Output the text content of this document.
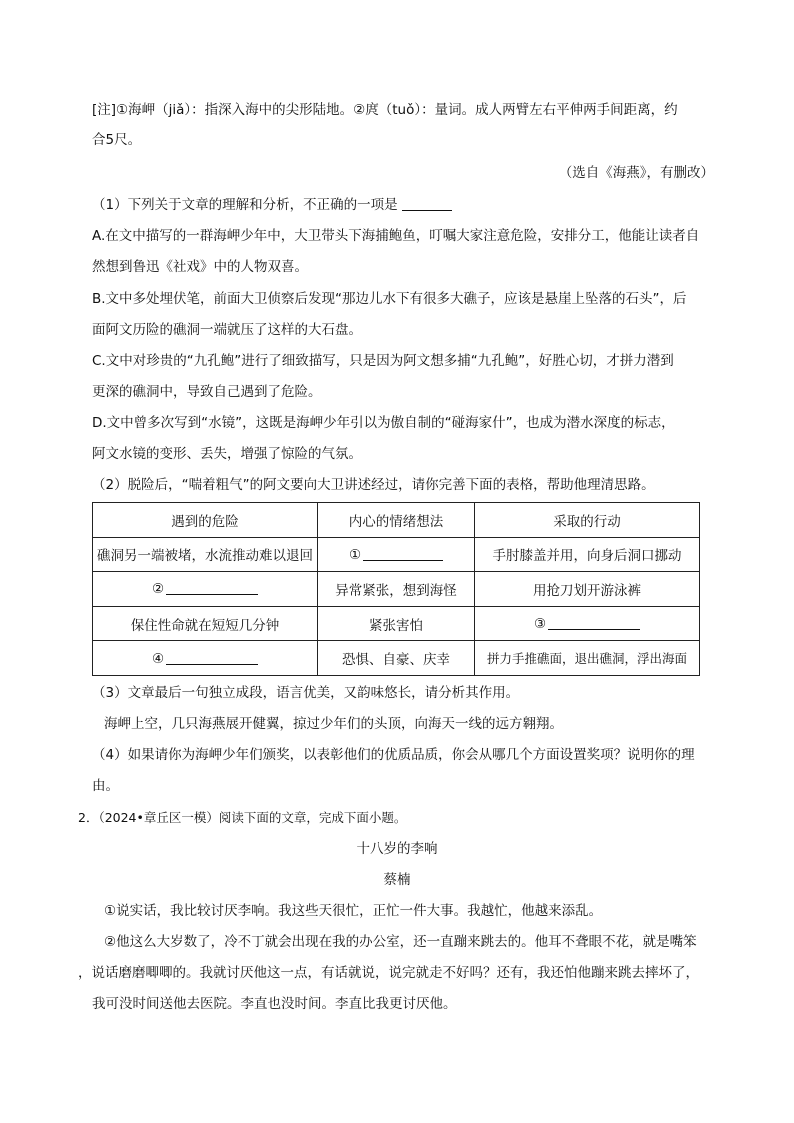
[注]①海岬（jiǎ）：指深入海中的尖形陆地。②庹（tuǒ）：量词。成人两臂左右平伸两手间距离，约
合5尺。
（选自《海燕》，有删改）
（1）下列关于文章的理解和分析，不正确的一项是
A.在文中描写的一群海岬少年中，大卫带头下海捕鲍鱼，叮嘱大家注意危险，安排分工，他能让读者自
然想到鲁迅《社戏》中的人物双喜。
B.文中多处埋伏笔，前面大卫侦察后发现“那边儿水下有很多大礁子，应该是悬崖上坠落的石头”，后
面阿文历险的礁洞一端就压了这样的大石盘。
C.文中对珍贵的“九孔鲍”进行了细致描写，只是因为阿文想多捕“九孔鲍”，好胜心切，才拼力潜到
更深的礁洞中，导致自己遇到了危险。
D.文中曾多次写到“水镜”，这既是海岬少年引以为傲自制的“碰海家什”，也成为潜水深度的标志，
阿文水镜的变形、丢失，增强了惊险的气氛。
（2）脱险后，“喘着粗气”的阿文要向大卫讲述经过，请你完善下面的表格，帮助他理清思路。
遇到的危险	内心的情绪想法	采取的行动
礁洞另一端被堵，水流推动难以退回	①	手肘膝盖并用，向身后洞口挪动
②	异常紧张，想到海怪	用抢刀划开游泳裤
保住性命就在短短几分钟	紧张害怕	③
④	恐惧、自豪、庆幸	拼力手推礁面，退出礁洞，浮出海面
（3）文章最后一句独立成段，语言优美，又韵味悠长，请分析其作用。
海岬上空，几只海燕展开健翼，掠过少年们的头顶，向海天一线的远方翱翔。
（4）如果请你为海岬少年们颁奖，以表彰他们的优质品质，你会从哪几个方面设置奖项？说明你的理
由。
2．（2024•章丘区一模）阅读下面的文章，完成下面小题。
十八岁的李响
蔡楠
①说实话，我比较讨厌李响。我这些天很忙，正忙一件大事。我越忙，他越来添乱。
②他这么大岁数了，冷不丁就会出现在我的办公室，还一直蹦来跳去的。他耳不聋眼不花，就是嘴笨
，说话磨磨唧唧的。我就讨厌他这一点，有话就说，说完就走不好吗？还有，我还怕他蹦来跳去摔坏了，
我可没时间送他去医院。李直也没时间。李直比我更讨厌他。
